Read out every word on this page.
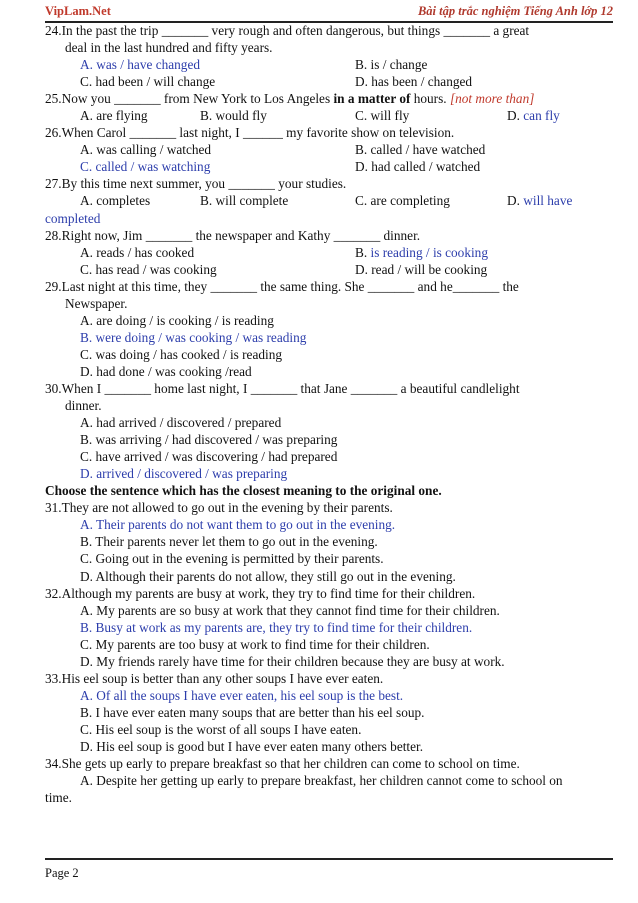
VipLam.Net	Bài tập trắc nghiệm Tiếng Anh lớp 12
24.In the past the trip _______ very rough and often dangerous, but things _______ a great
deal in the last hundred and fifty years.
A. was / have changed	B. is / change
C. had been / will change	D. has been / changed
25.Now you _______ from New York to Los Angeles in a matter of hours. [not more than]
A. are flying	B. would fly	C. will fly	D. can fly
26.When Carol _______ last night, I ______ my favorite show on television.
A. was calling / watched	B. called / have watched
C. called / was watching	D. had called / watched
27.By this time next summer, you _______ your studies.
A. completes	B. will complete	C. are completing	D. will have
completed
28.Right now, Jim _______ the newspaper and Kathy _______ dinner.
A. reads / has cooked	B. is reading / is cooking
C. has read / was cooking	D. read / will be cooking
29.Last night at this time, they _______ the same thing. She _______ and he_______ the
Newspaper.
A. are doing / is cooking / is reading
B. were doing / was cooking / was reading
C. was doing / has cooked / is reading
D. had done / was cooking /read
30.When I _______ home last night, I _______ that Jane _______ a beautiful candlelight
dinner.
A. had arrived / discovered / prepared
B. was arriving / had discovered / was preparing
C. have arrived / was discovering / had prepared
D. arrived / discovered / was preparing
Choose the sentence which has the closest meaning to the original one.
31.They are not allowed to go out in the evening by their parents.
A. Their parents do not want them to go out in the evening.
B. Their parents never let them to go out in the evening.
C. Going out in the evening is permitted by their parents.
D. Although their parents do not allow, they still go out in the evening.
32.Although my parents are busy at work, they try to find time for their children.
A. My parents are so busy at work that they cannot find time for their children.
B. Busy at work as my parents are, they try to find time for their children.
C. My parents are too busy at work to find time for their children.
D. My friends rarely have time for their children because they are busy at work.
33.His eel soup is better than any other soups I have ever eaten.
A. Of all the soups I have ever eaten, his eel soup is the best.
B. I have ever eaten many soups that are better than his eel soup.
C. His eel soup is the worst of all soups I have eaten.
D. His eel soup is good but I have ever eaten many others better.
34.She gets up early to prepare breakfast so that her children can come to school on time.
A. Despite her getting up early to prepare breakfast, her children cannot come to school on
time.
Page 2
